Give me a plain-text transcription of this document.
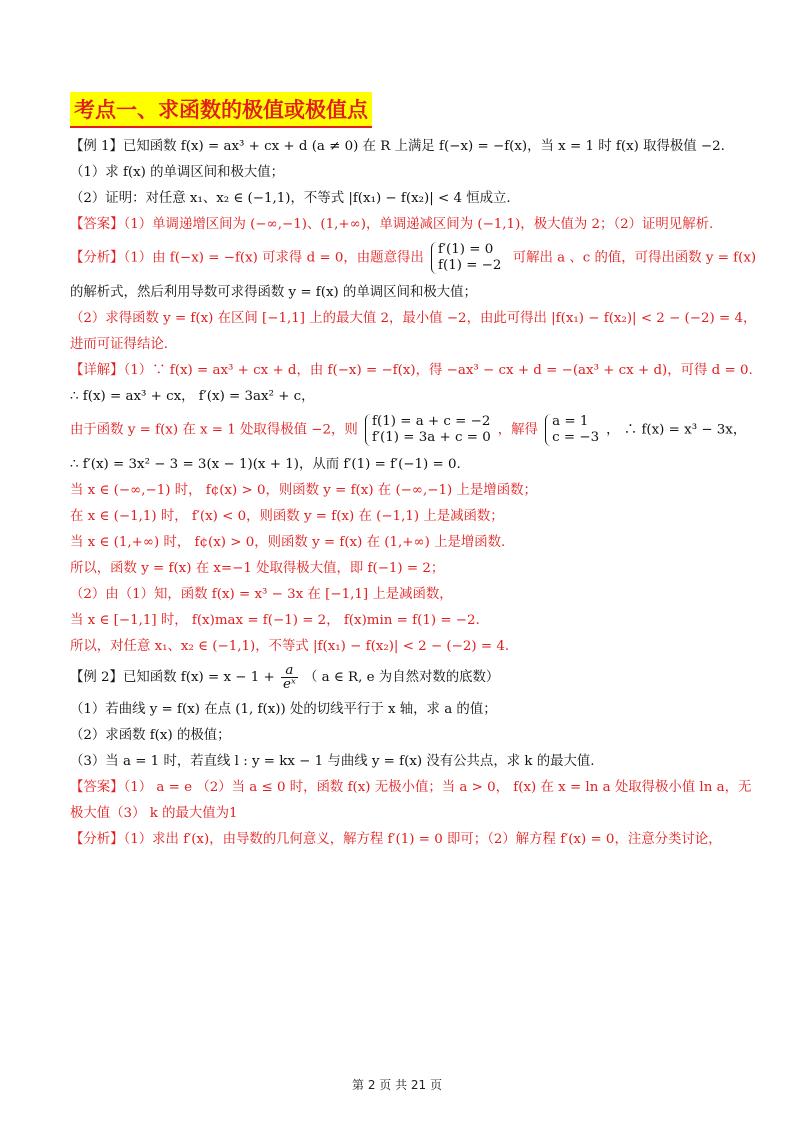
考点一、求函数的极值或极值点
【例 1】已知函数 f(x) = ax³ + cx + d (a ≠ 0) 在 R 上满足 f(−x) = −f(x)，当 x = 1 时 f(x) 取得极值 −2.
（1）求 f(x) 的单调区间和极大值；
（2）证明：对任意 x₁、x₂ ∈ (−1,1)，不等式 |f(x₁) − f(x₂)| < 4 恒成立.
【答案】（1）单调递增区间为 (−∞,−1)、(1,+∞)，单调递减区间为 (−1,1)，极大值为 2；（2）证明见解析.
【分析】（1）由 f(−x) = −f(x) 可求得 d = 0，由题意得出
f′(1) = 0
f(1) = −2 可解出 a 、c 的值，可得出函数 y = f(x)
的解析式，然后利用导数可求得函数 y = f(x) 的单调区间和极大值；
（2）求得函数 y = f(x) 在区间 [−1,1] 上的最大值 2，最小值 −2，由此可得出 |f(x₁) − f(x₂)| < 2 − (−2) = 4，
进而可证得结论.
【详解】（1）∵ f(x) = ax³ + cx + d，由 f(−x) = −f(x)，得 −ax³ − cx + d = −(ax³ + cx + d)，可得 d = 0.
∴ f(x) = ax³ + cx， f′(x) = 3ax² + c，
由于函数 y = f(x) 在 x = 1 处取得极值 −2，则
f(1) = a + c = −2
f′(1) = 3a + c = 0 ，解得
a = 1
c = −3 ， ∴ f(x) = x³ − 3x，
∴ f′(x) = 3x² − 3 = 3(x − 1)(x + 1)，从而 f′(1) = f′(−1) = 0.
当 x ∈ (−∞,−1) 时， f¢(x) > 0，则函数 y = f(x) 在 (−∞,−1) 上是增函数；
在 x ∈ (−1,1) 时， f′(x) < 0，则函数 y = f(x) 在 (−1,1) 上是减函数；
当 x ∈ (1,+∞) 时， f¢(x) > 0，则函数 y = f(x) 在 (1,+∞) 上是增函数.
所以，函数 y = f(x) 在 x=−1 处取得极大值，即 f(−1) = 2；
（2）由（1）知，函数 f(x) = x³ − 3x 在 [−1,1] 上是减函数，
当 x ∈ [−1,1] 时， f(x)max = f(−1) = 2， f(x)min = f(1) = −2.
所以，对任意 x₁、x₂ ∈ (−1,1)，不等式 |f(x₁) − f(x₂)| < 2 − (−2) = 4.
【例 2】已知函数 $f(x) = x - 1 + \frac{a}{\text{eˣ}}$ （ a ∈ R, e 为自然对数的底数）
（1）若曲线 y = f(x) 在点 (1, f(x)) 处的切线平行于 x 轴，求 a 的值；
（2）求函数 f(x) 的极值；
（3）当 a = 1 时，若直线 l : y = kx − 1 与曲线 y = f(x) 没有公共点，求 k 的最大值.
【答案】（1） a = e （2）当 a ≤ 0 时，函数 f(x) 无极小值；当 a > 0， f(x) 在 x = ln a 处取得极小值 ln a，无
极大值（3） k 的最大值为1
【分析】（1）求出 f′(x)，由导数的几何意义，解方程 f′(1) = 0 即可；（2）解方程 f′(x) = 0，注意分类讨论，
第 2 页 共 21 页
